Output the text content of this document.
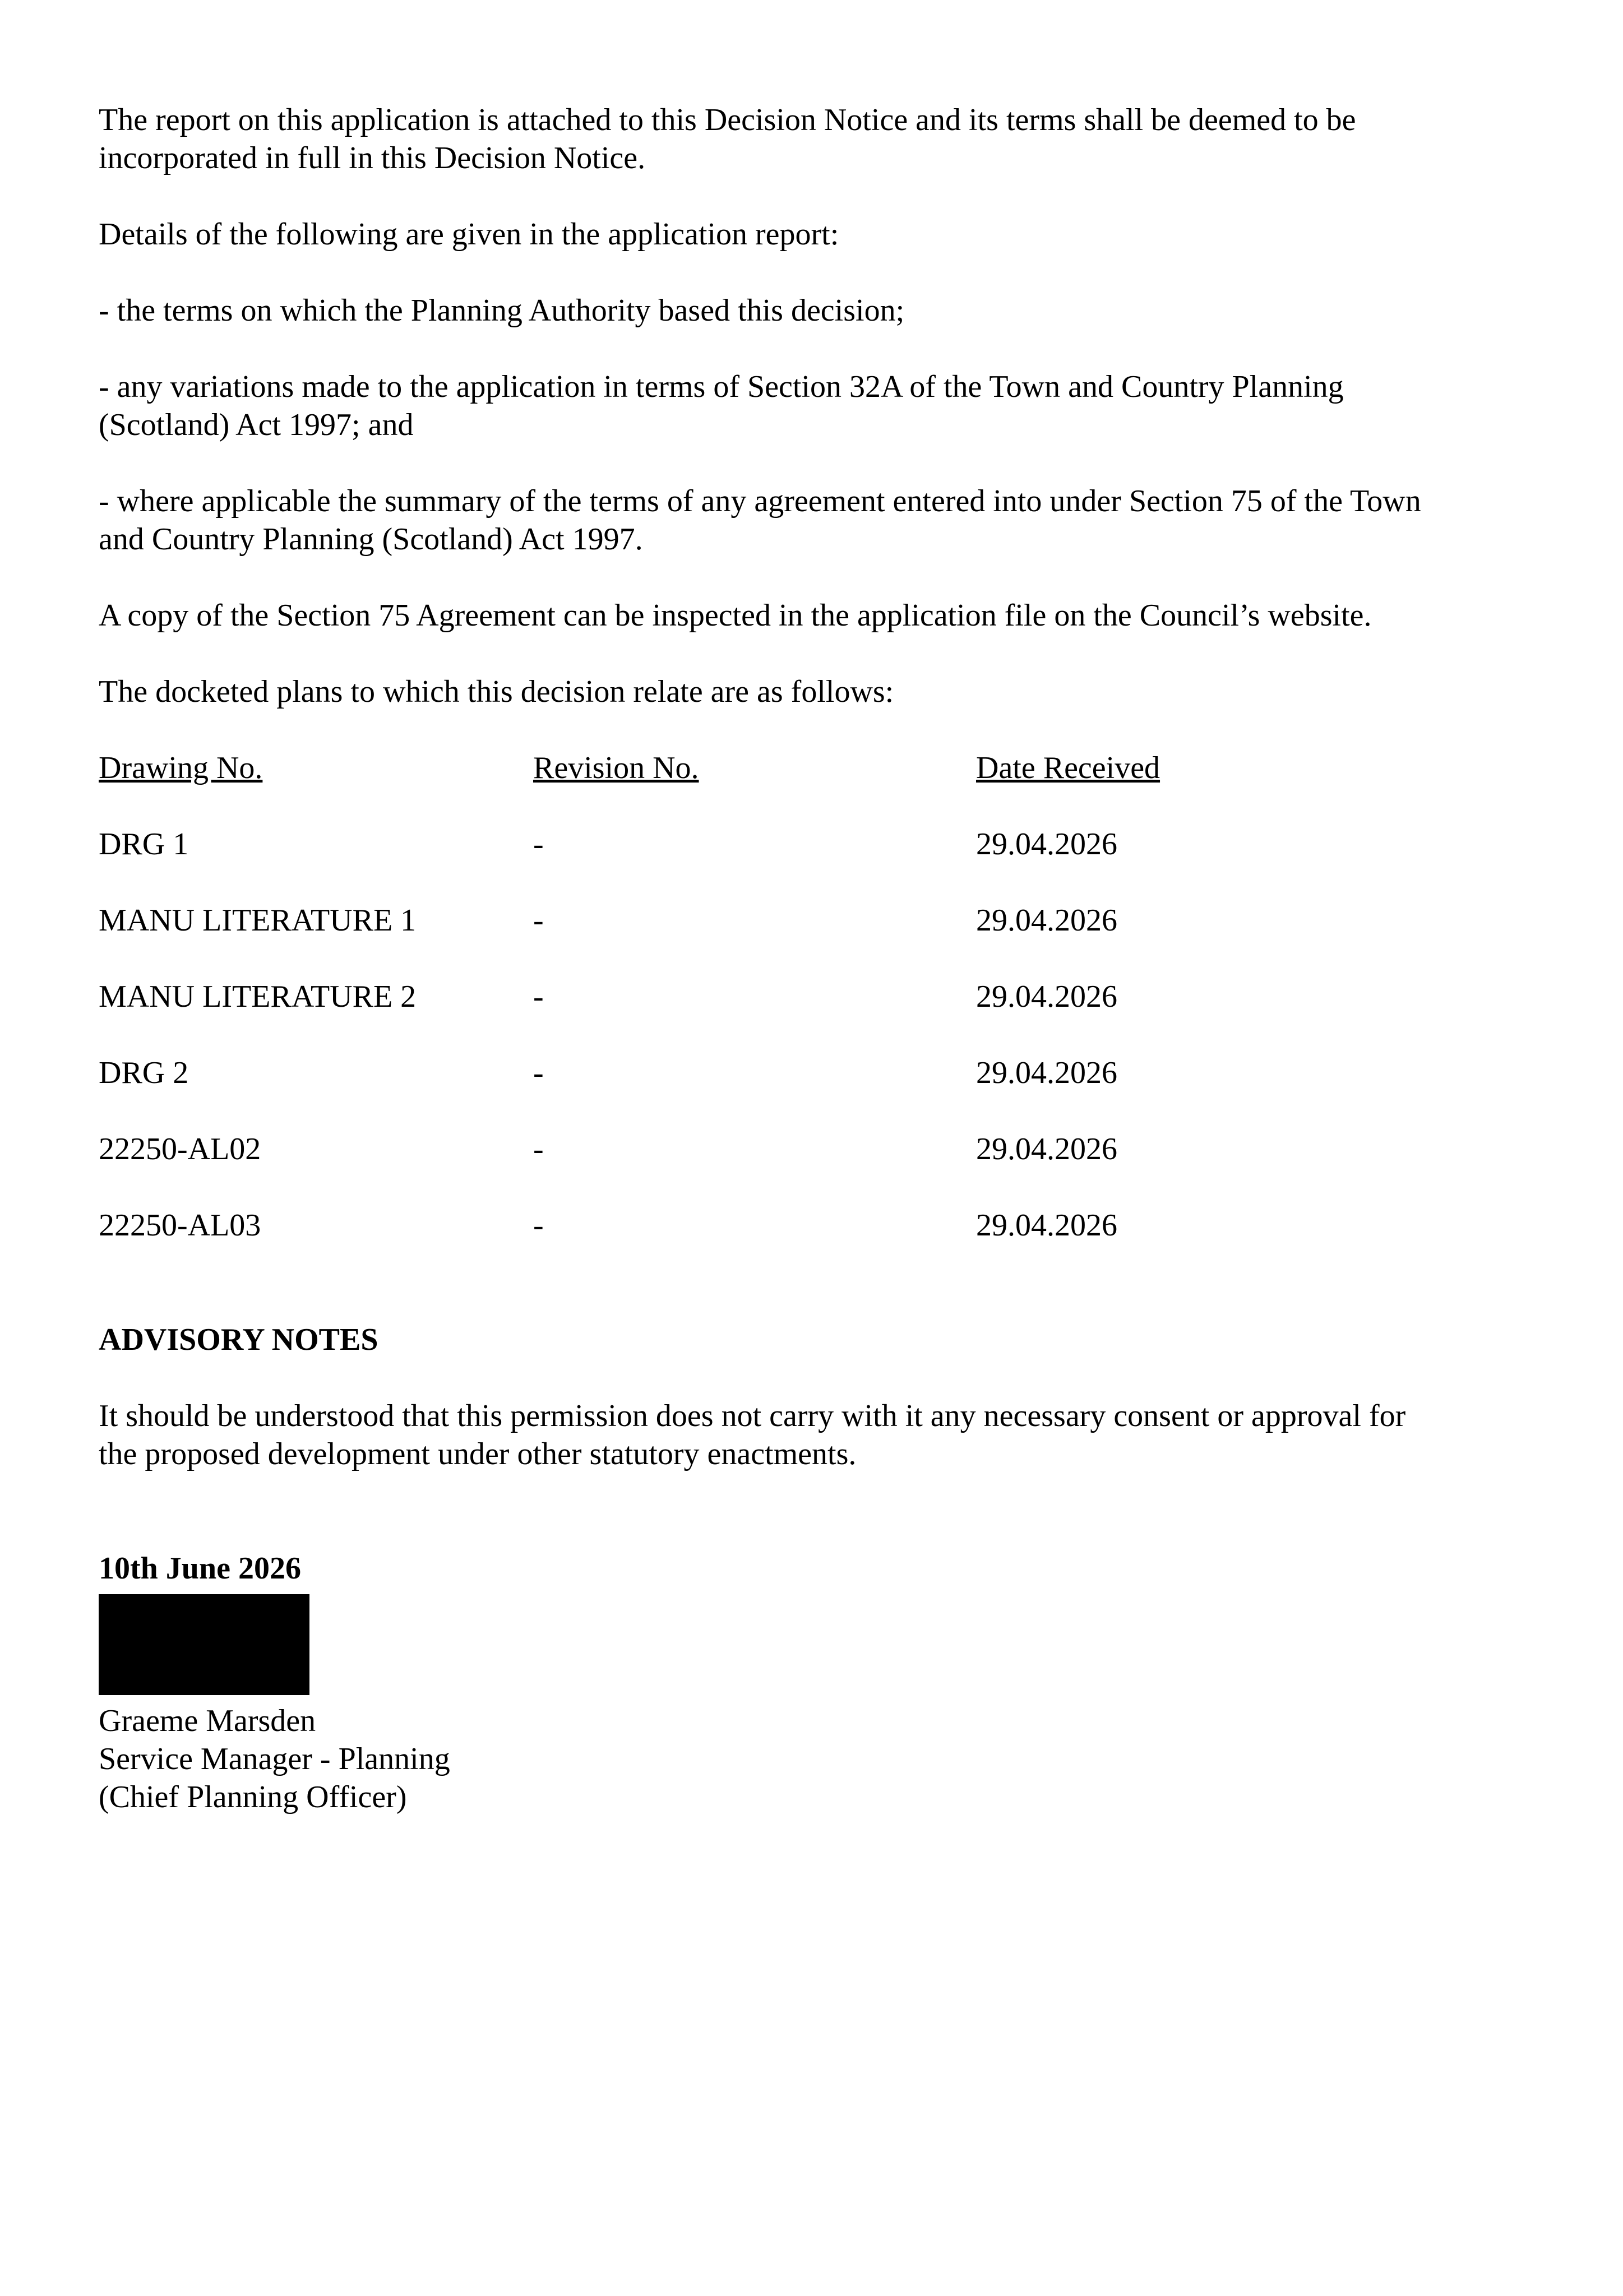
The report on this application is attached to this Decision Notice and its terms shall be deemed to be incorporated in full in this Decision Notice.

Details of the following are given in the application report:

- the terms on which the Planning Authority based this decision;

- any variations made to the application in terms of Section 32A of the Town and Country Planning (Scotland) Act 1997; and

- where applicable the summary of the terms of any agreement entered into under Section 75 of the Town and Country Planning (Scotland) Act 1997.

A copy of the Section 75 Agreement can be inspected in the application file on the Council’s website.

The docketed plans to which this decision relate are as follows:

Drawing No.	Revision No.	Date Received

DRG 1	-	29.04.2026

MANU LITERATURE 1	-	29.04.2026

MANU LITERATURE 2	-	29.04.2026

DRG 2	-	29.04.2026

22250-AL02	-	29.04.2026

22250-AL03	-	29.04.2026

ADVISORY NOTES

It should be understood that this permission does not carry with it any necessary consent or approval for the proposed development under other statutory enactments.

10th June 2026

Graeme Marsden

Service Manager - Planning

(Chief Planning Officer)
